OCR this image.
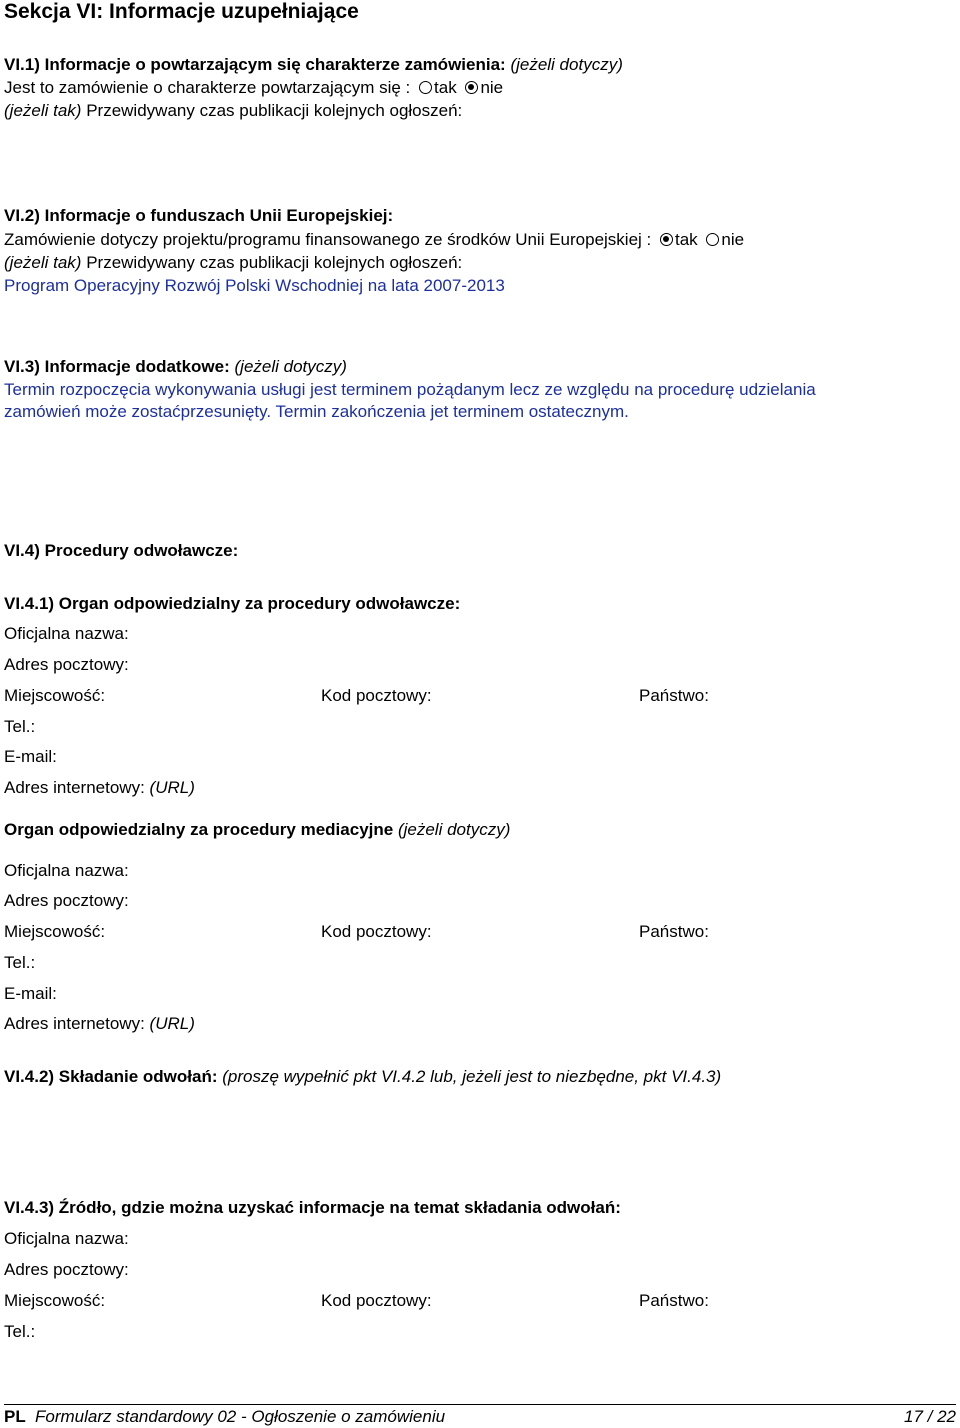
Sekcja VI: Informacje uzupełniające
VI.1) Informacje o powtarzającym się charakterze zamówienia: (jeżeli dotyczy)
Jest to zamówienie o charakterze powtarzającym się : tak nie
(jeżeli tak) Przewidywany czas publikacji kolejnych ogłoszeń:
VI.2) Informacje o funduszach Unii Europejskiej:
Zamówienie dotyczy projektu/programu finansowanego ze środków Unii Europejskiej : tak nie
(jeżeli tak) Przewidywany czas publikacji kolejnych ogłoszeń:
Program Operacyjny Rozwój Polski Wschodniej na lata 2007-2013
VI.3) Informacje dodatkowe: (jeżeli dotyczy)
Termin rozpoczęcia wykonywania usługi jest terminem pożądanym lecz ze względu na procedurę udzielania
zamówień może zostaćprzesunięty. Termin zakończenia jet terminem ostatecznym.
VI.4) Procedury odwoławcze:
VI.4.1) Organ odpowiedzialny za procedury odwoławcze:
Oficjalna nazwa:
Adres pocztowy:
Miejscowość:	Kod pocztowy:	Państwo:
Tel.:
E-mail:
Adres internetowy: (URL)
Organ odpowiedzialny za procedury mediacyjne (jeżeli dotyczy)
Oficjalna nazwa:
Adres pocztowy:
Miejscowość:	Kod pocztowy:	Państwo:
Tel.:
E-mail:
Adres internetowy: (URL)
VI.4.2) Składanie odwołań: (proszę wypełnić pkt VI.4.2 lub, jeżeli jest to niezbędne, pkt VI.4.3)
VI.4.3) Źródło, gdzie można uzyskać informacje na temat składania odwołań:
Oficjalna nazwa:
Adres pocztowy:
Miejscowość:	Kod pocztowy:	Państwo:
Tel.:
PL Formularz standardowy 02 - Ogłoszenie o zamówieniu	17 / 22
